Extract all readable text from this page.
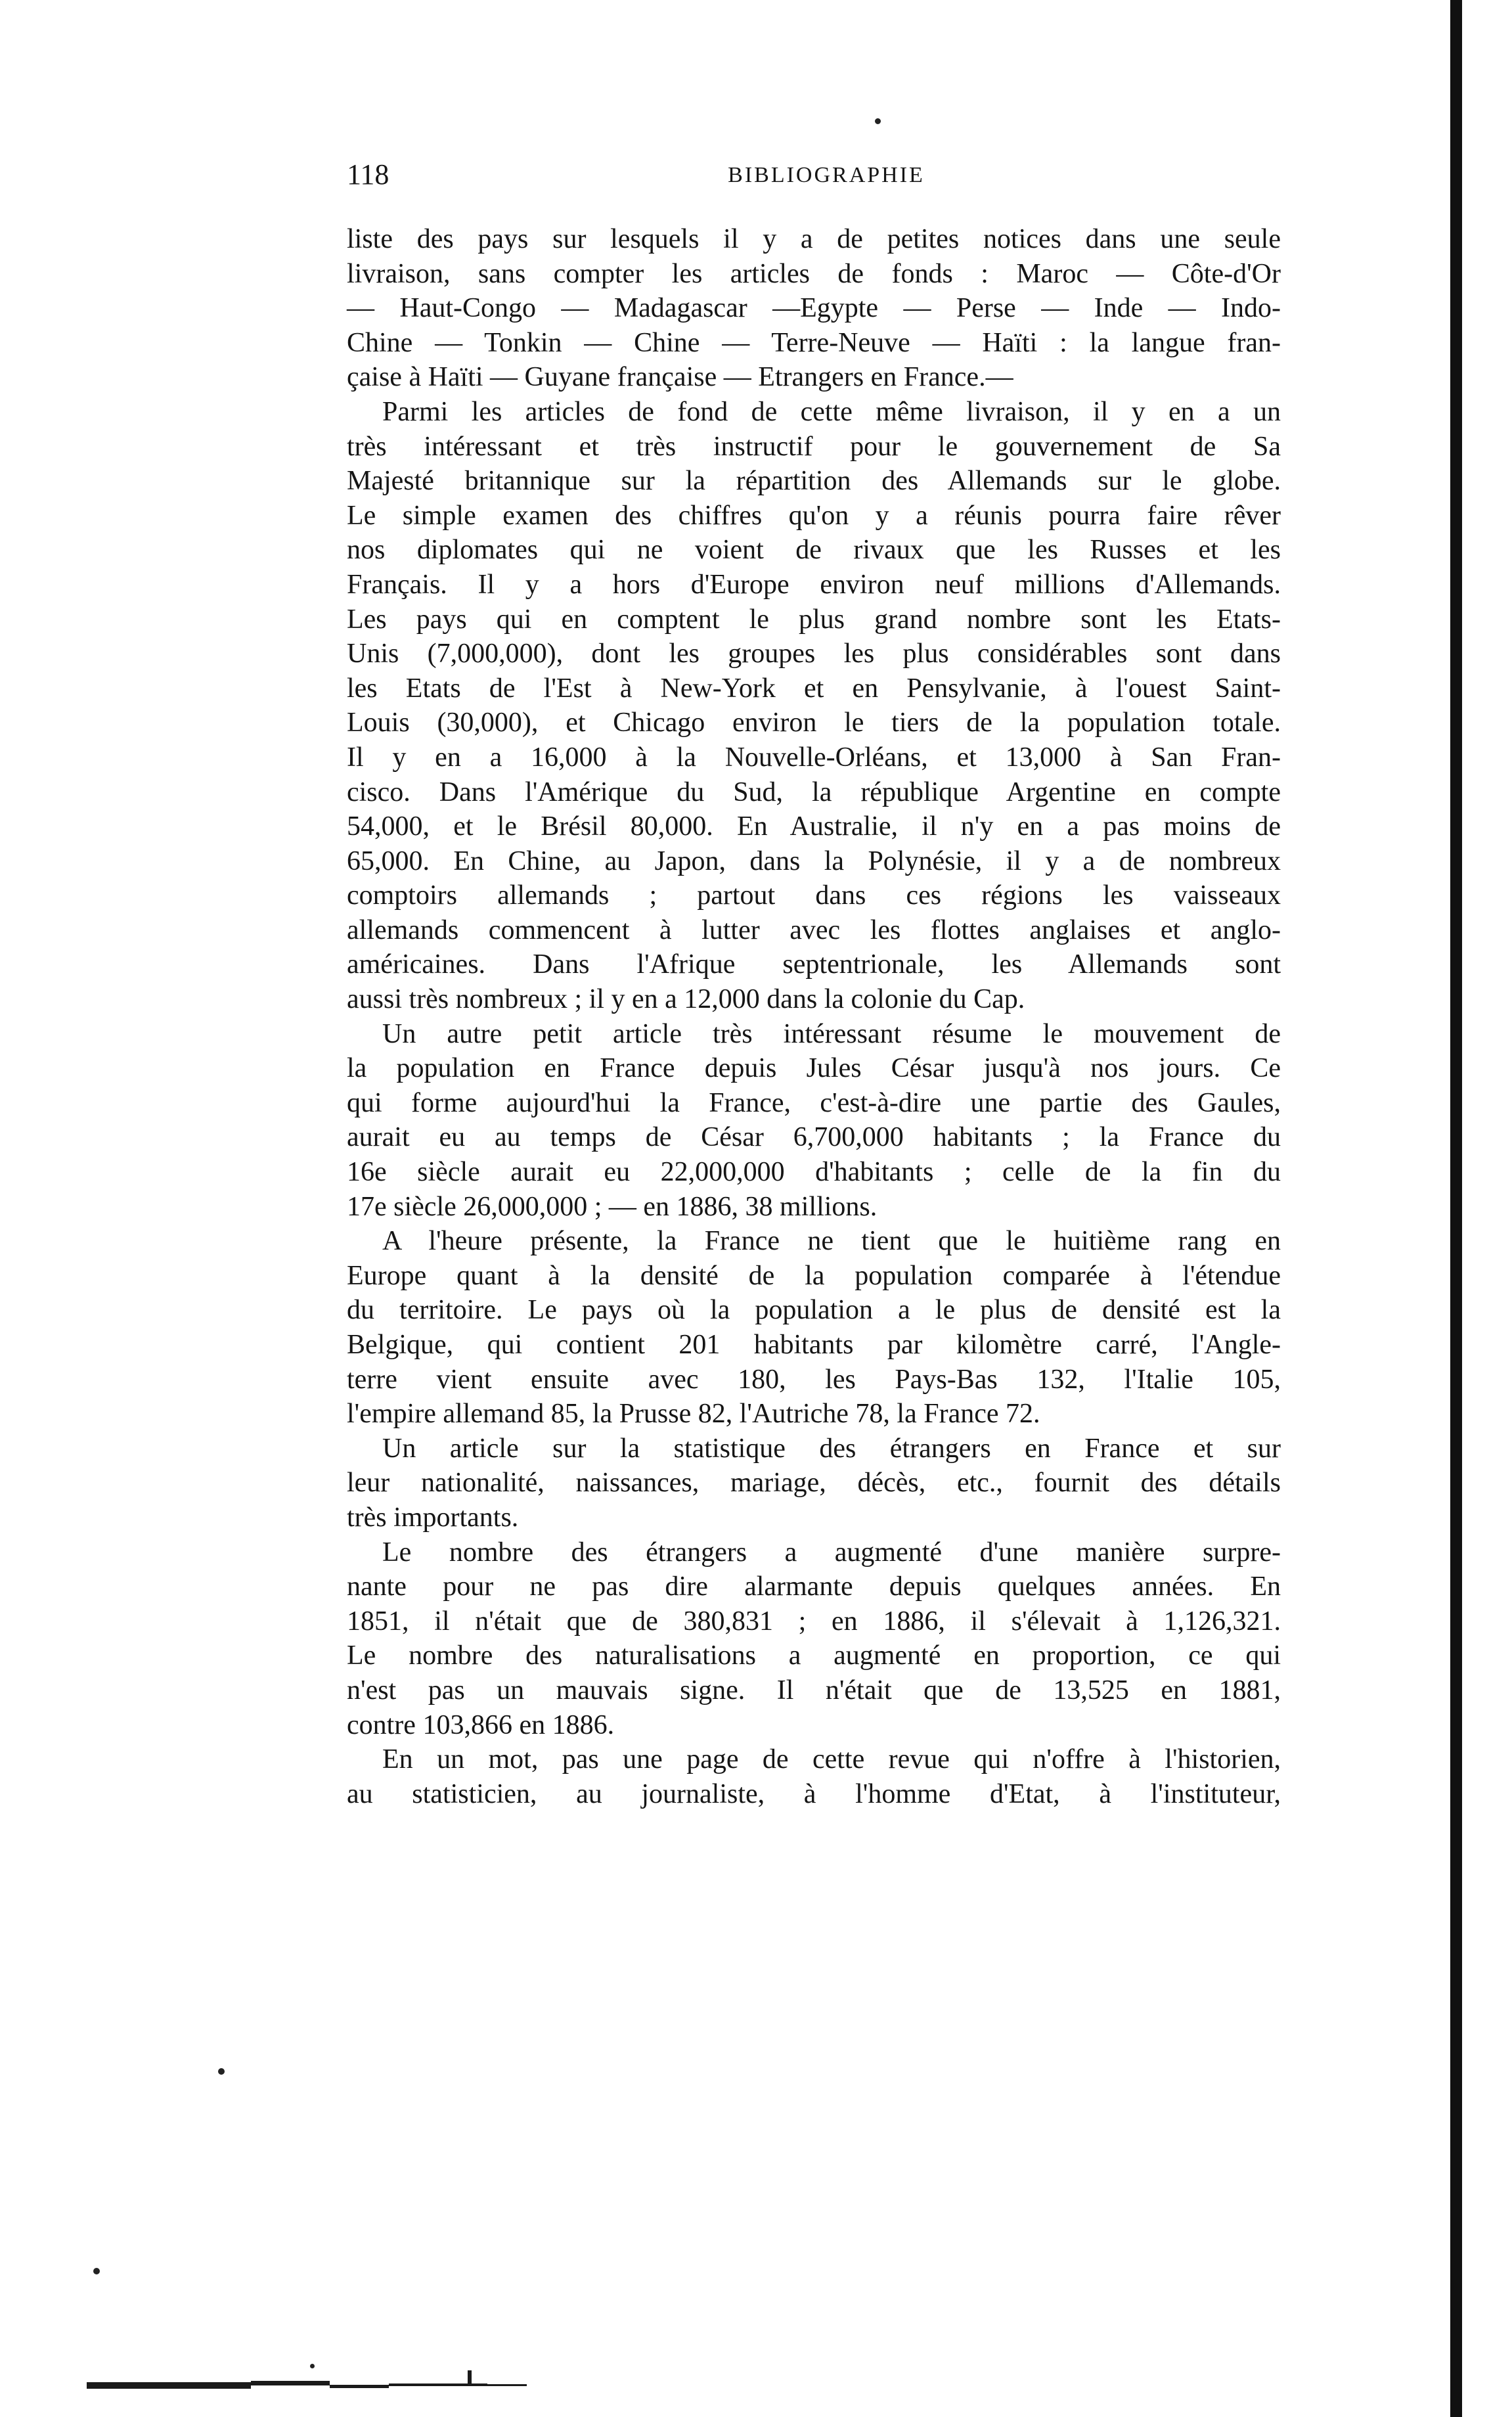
118	BIBLIOGRAPHIE
liste des pays sur lesquels il y a de petites notices dans une seule
livraison, sans compter les articles de fonds : Maroc — Côte-d'Or
— Haut-Congo — Madagascar —Egypte — Perse — Inde — Indo-
Chine — Tonkin — Chine — Terre-Neuve — Haïti : la langue fran-
çaise à Haïti — Guyane française — Etrangers en France.—
Parmi les articles de fond de cette même livraison, il y en a un
très intéressant et très instructif pour le gouvernement de Sa
Majesté britannique sur la répartition des Allemands sur le globe.
Le simple examen des chiffres qu'on y a réunis pourra faire rêver
nos diplomates qui ne voient de rivaux que les Russes et les
Français. Il y a hors d'Europe environ neuf millions d'Allemands.
Les pays qui en comptent le plus grand nombre sont les Etats-
Unis (7,000,000), dont les groupes les plus considérables sont dans
les Etats de l'Est à New-York et en Pensylvanie, à l'ouest Saint-
Louis (30,000), et Chicago environ le tiers de la population totale.
Il y en a 16,000 à la Nouvelle-Orléans, et 13,000 à San Fran-
cisco. Dans l'Amérique du Sud, la république Argentine en compte
54,000, et le Brésil 80,000. En Australie, il n'y en a pas moins de
65,000. En Chine, au Japon, dans la Polynésie, il y a de nombreux
comptoirs allemands ; partout dans ces régions les vaisseaux
allemands commencent à lutter avec les flottes anglaises et anglo-
américaines. Dans l'Afrique septentrionale, les Allemands sont
aussi très nombreux ; il y en a 12,000 dans la colonie du Cap.
Un autre petit article très intéressant résume le mouvement de
la population en France depuis Jules César jusqu'à nos jours. Ce
qui forme aujourd'hui la France, c'est-à-dire une partie des Gaules,
aurait eu au temps de César 6,700,000 habitants ; la France du
16e siècle aurait eu 22,000,000 d'habitants ; celle de la fin du
17e siècle 26,000,000 ; — en 1886, 38 millions.
A l'heure présente, la France ne tient que le huitième rang en
Europe quant à la densité de la population comparée à l'étendue
du territoire. Le pays où la population a le plus de densité est la
Belgique, qui contient 201 habitants par kilomètre carré, l'Angle-
terre vient ensuite avec 180, les Pays-Bas 132, l'Italie 105,
l'empire allemand 85, la Prusse 82, l'Autriche 78, la France 72.
Un article sur la statistique des étrangers en France et sur
leur nationalité, naissances, mariage, décès, etc., fournit des détails
très importants.
Le nombre des étrangers a augmenté d'une manière surpre-
nante pour ne pas dire alarmante depuis quelques années. En
1851, il n'était que de 380,831 ; en 1886, il s'élevait à 1,126,321.
Le nombre des naturalisations a augmenté en proportion, ce qui
n'est pas un mauvais signe. Il n'était que de 13,525 en 1881,
contre 103,866 en 1886.
En un mot, pas une page de cette revue qui n'offre à l'historien,
au statisticien, au journaliste, à l'homme d'Etat, à l'instituteur,
